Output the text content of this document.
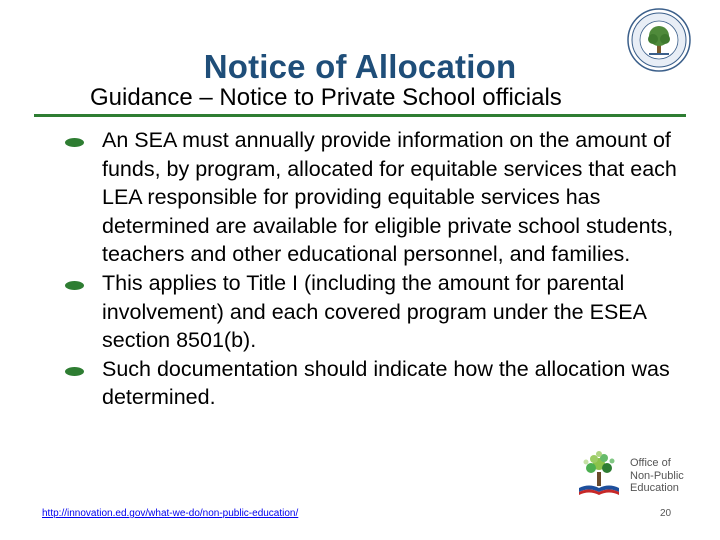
Notice of Allocation
Guidance – Notice to Private School officials
An SEA must annually provide information on the amount of funds, by program, allocated for equitable services that each LEA responsible for providing equitable services has determined are available for eligible private school students, teachers and other educational personnel, and families.
This applies to Title I (including the amount for parental involvement) and each covered program under the ESEA section 8501(b).
Such documentation should indicate how the allocation was determined.
Office of
Non-Public
Education
http://innovation.ed.gov/what-we-do/non-public-education/	20
